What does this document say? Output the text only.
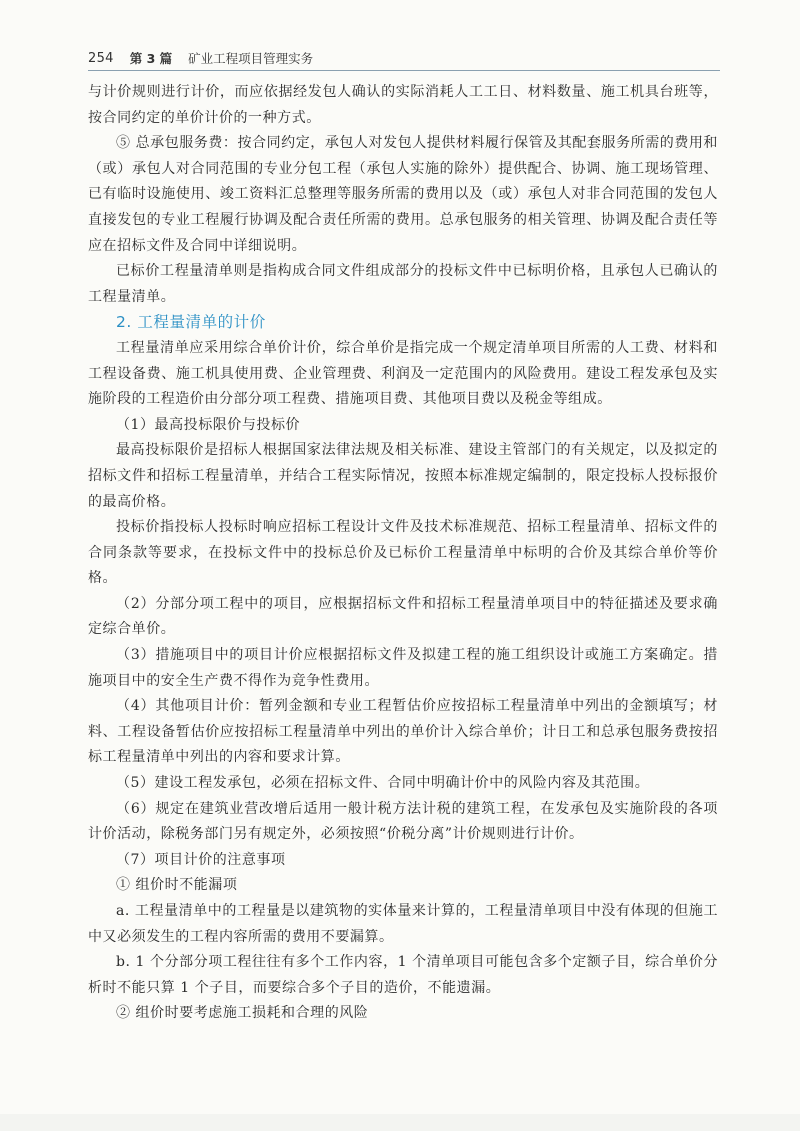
254 第 3 篇 矿业工程项目管理实务

与计价规则进行计价，而应依据经发包人确认的实际消耗人工工日、材料数量、施工机具台班等，按合同约定的单价计价的一种方式。

⑤ 总承包服务费：按合同约定，承包人对发包人提供材料履行保管及其配套服务所需的费用和（或）承包人对合同范围的专业分包工程（承包人实施的除外）提供配合、协调、施工现场管理、已有临时设施使用、竣工资料汇总整理等服务所需的费用以及（或）承包人对非合同范围的发包人直接发包的专业工程履行协调及配合责任所需的费用。总承包服务的相关管理、协调及配合责任等应在招标文件及合同中详细说明。

已标价工程量清单则是指构成合同文件组成部分的投标文件中已标明价格，且承包人已确认的工程量清单。

2. 工程量清单的计价

工程量清单应采用综合单价计价，综合单价是指完成一个规定清单项目所需的人工费、材料和工程设备费、施工机具使用费、企业管理费、利润及一定范围内的风险费用。建设工程发承包及实施阶段的工程造价由分部分项工程费、措施项目费、其他项目费以及税金等组成。

（1）最高投标限价与投标价

最高投标限价是招标人根据国家法律法规及相关标准、建设主管部门的有关规定，以及拟定的招标文件和招标工程量清单，并结合工程实际情况，按照本标准规定编制的，限定投标人投标报价的最高价格。

投标价指投标人投标时响应招标工程设计文件及技术标准规范、招标工程量清单、招标文件的合同条款等要求，在投标文件中的投标总价及已标价工程量清单中标明的合价及其综合单价等价格。

（2）分部分项工程中的项目，应根据招标文件和招标工程量清单项目中的特征描述及要求确定综合单价。

（3）措施项目中的项目计价应根据招标文件及拟建工程的施工组织设计或施工方案确定。措施项目中的安全生产费不得作为竞争性费用。

（4）其他项目计价：暂列金额和专业工程暂估价应按招标工程量清单中列出的金额填写；材料、工程设备暂估价应按招标工程量清单中列出的单价计入综合单价；计日工和总承包服务费按招标工程量清单中列出的内容和要求计算。

（5）建设工程发承包，必须在招标文件、合同中明确计价中的风险内容及其范围。

（6）规定在建筑业营改增后适用一般计税方法计税的建筑工程，在发承包及实施阶段的各项计价活动，除税务部门另有规定外，必须按照“价税分离”计价规则进行计价。

（7）项目计价的注意事项

① 组价时不能漏项

a. 工程量清单中的工程量是以建筑物的实体量来计算的，工程量清单项目中没有体现的但施工中又必须发生的工程内容所需的费用不要漏算。

b. 1 个分部分项工程往往有多个工作内容，1 个清单项目可能包含多个定额子目，综合单价分析时不能只算 1 个子目，而要综合多个子目的造价，不能遗漏。

② 组价时要考虑施工损耗和合理的风险
